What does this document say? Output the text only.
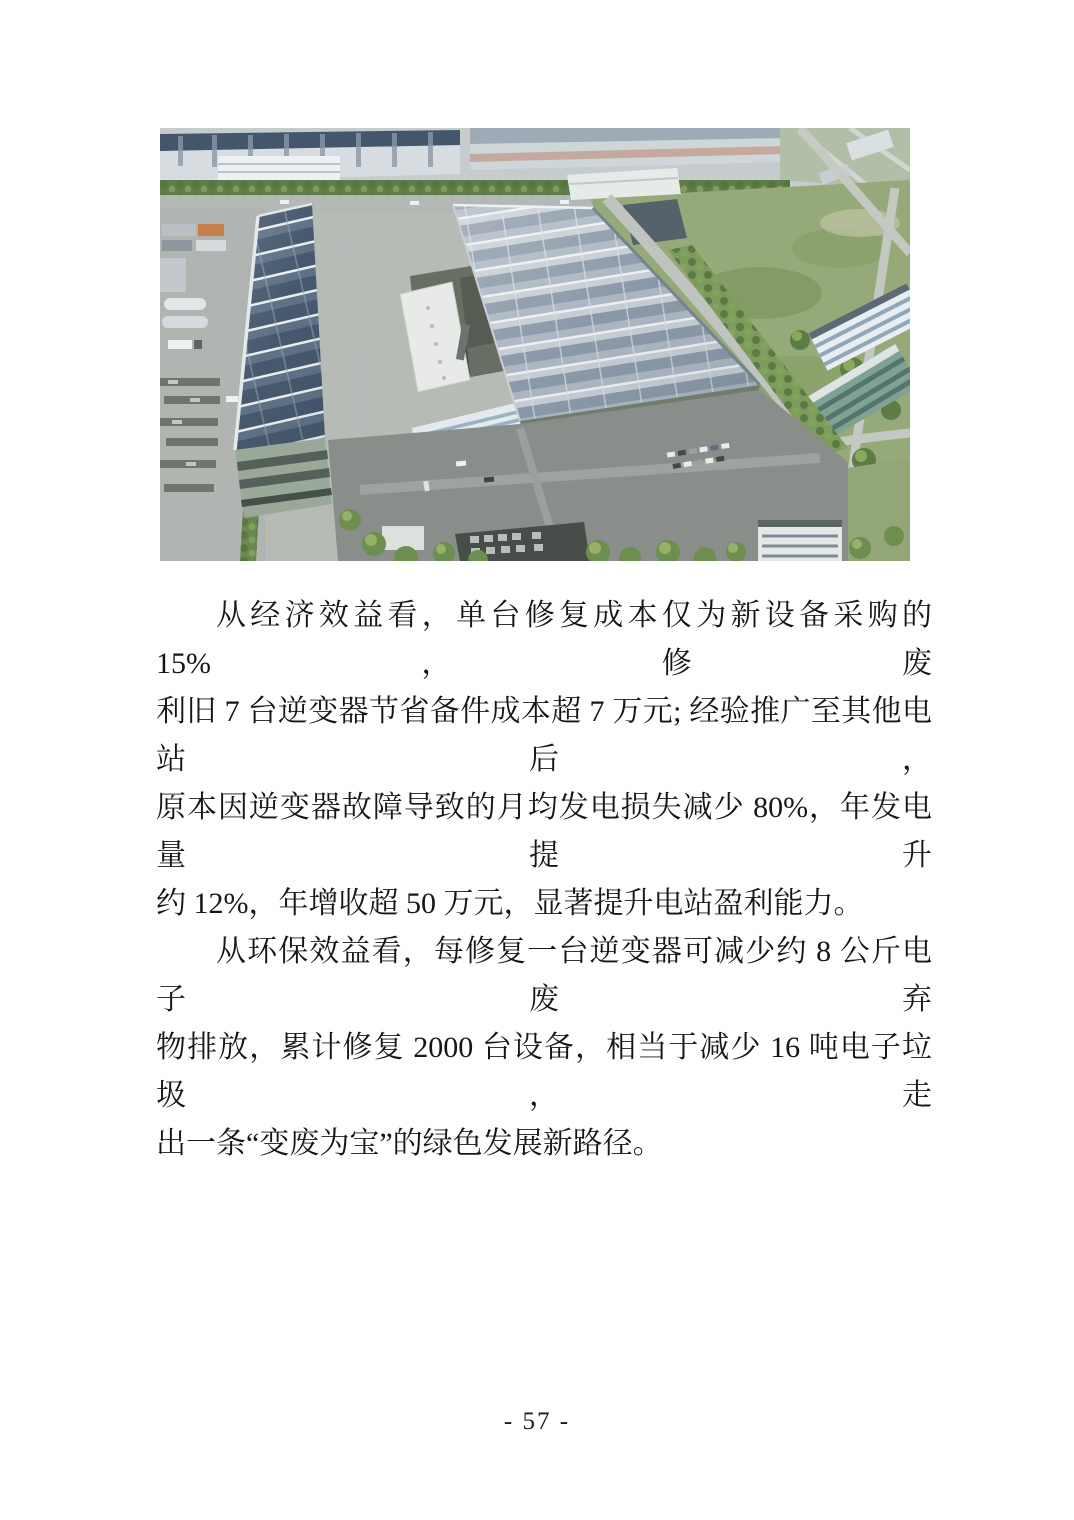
从经济效益看，单台修复成本仅为新设备采购的 15%，修废
利旧 7 台逆变器节省备件成本超 7 万元; 经验推广至其他电站后，
原本因逆变器故障导致的月均发电损失减少 80%，年发电量提升
约 12%，年增收超 50 万元，显著提升电站盈利能力。
从环保效益看，每修复一台逆变器可减少约 8 公斤电子废弃
物排放，累计修复 2000 台设备，相当于减少 16 吨电子垃圾，走
出一条“变废为宝”的绿色发展新路径。
- 57 -
